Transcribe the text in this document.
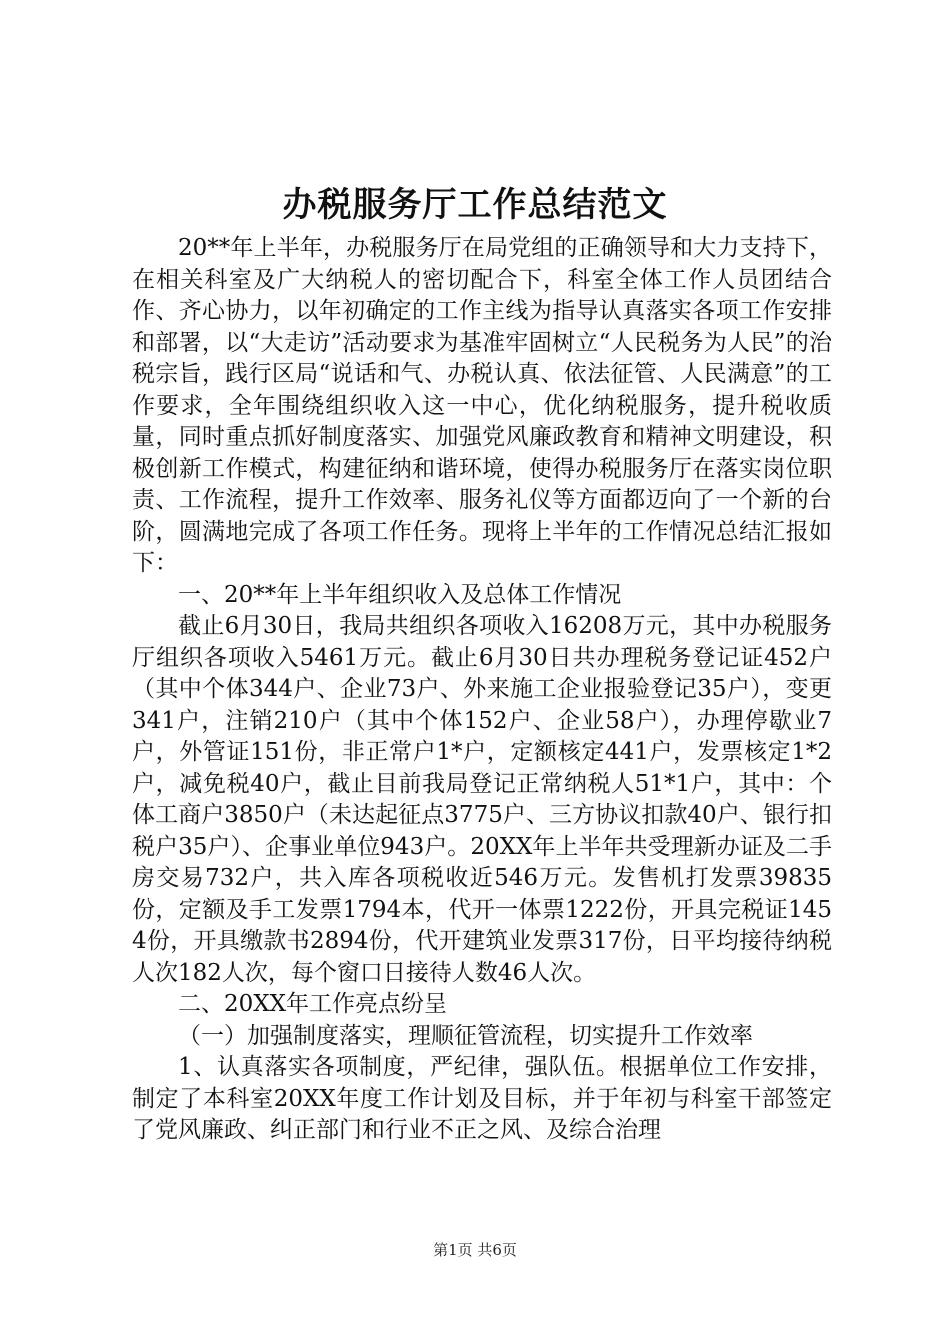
办税服务厅工作总结范文

20**年上半年，办税服务厅在局党组的正确领导和大力支持下，在相关科室及广大纳税人的密切配合下，科室全体工作人员团结合作、齐心协力，以年初确定的工作主线为指导认真落实各项工作安排和部署，以“大走访”活动要求为基准牢固树立“人民税务为人民”的治税宗旨，践行区局“说话和气、办税认真、依法征管、人民满意”的工作要求，全年围绕组织收入这一中心，优化纳税服务，提升税收质量，同时重点抓好制度落实、加强党风廉政教育和精神文明建设，积极创新工作模式，构建征纳和谐环境，使得办税服务厅在落实岗位职责、工作流程，提升工作效率、服务礼仪等方面都迈向了一个新的台阶，圆满地完成了各项工作任务。现将上半年的工作情况总结汇报如下：

一、20**年上半年组织收入及总体工作情况

截止6月30日，我局共组织各项收入16208万元，其中办税服务厅组织各项收入5461万元。截止6月30日共办理税务登记证452户（其中个体344户、企业73户、外来施工企业报验登记35户），变更341户，注销210户（其中个体152户、企业58户），办理停歇业7户，外管证151份，非正常户1*户，定额核定441户，发票核定1*2户，减免税40户，截止目前我局登记正常纳税人51*1户，其中：个体工商户3850户（未达起征点3775户、三方协议扣款40户、银行扣税户35户）、企事业单位943户。20XX年上半年共受理新办证及二手房交易732户，共入库各项税收近546万元。发售机打发票39835份，定额及手工发票1794本，代开一体票1222份，开具完税证1454份，开具缴款书2894份，代开建筑业发票317份，日平均接待纳税人次182人次，每个窗口日接待人数46人次。

二、20XX年工作亮点纷呈

（一）加强制度落实，理顺征管流程，切实提升工作效率

1、认真落实各项制度，严纪律，强队伍。根据单位工作安排，制定了本科室20XX年度工作计划及目标，并于年初与科室干部签定了党风廉政、纠正部门和行业不正之风、及综合治理

第1页 共6页
